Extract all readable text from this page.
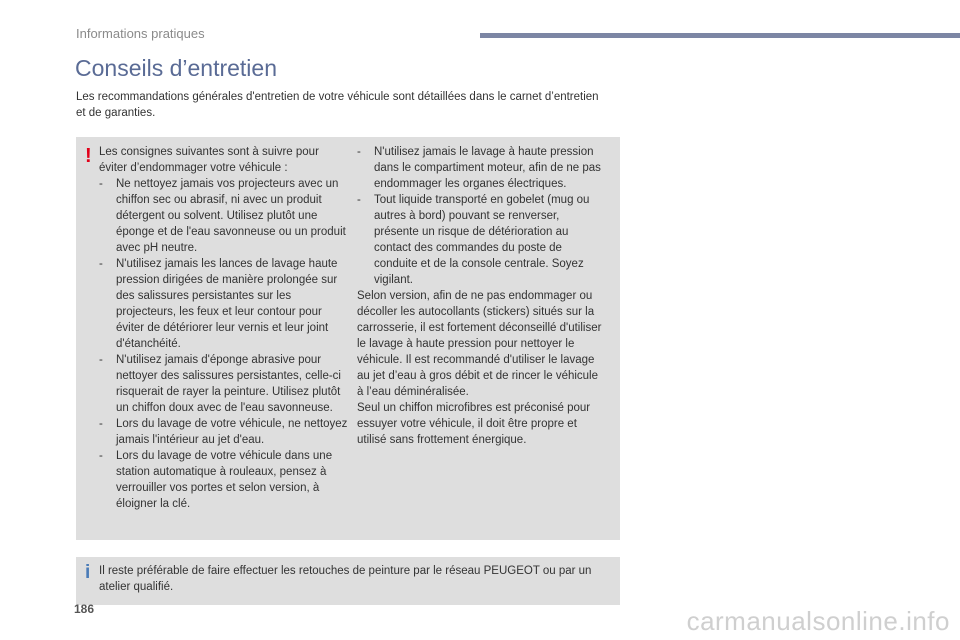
Informations pratiques
Conseils d’entretien
Les recommandations générales d'entretien de votre véhicule sont détaillées dans le carnet d’entretien et de garanties.
! Les consignes suivantes sont à suivre pour éviter d’endommager votre véhicule :

- Ne nettoyez jamais vos projecteurs avec un chiffon sec ou abrasif, ni avec un produit détergent ou solvent. Utilisez plutôt une éponge et de l'eau savonneuse ou un produit avec pH neutre.
- N'utilisez jamais les lances de lavage haute pression dirigées de manière prolongée sur des salissures persistantes sur les projecteurs, les feux et leur contour pour éviter de détériorer leur vernis et leur joint d'étanchéité.
- N'utilisez jamais d'éponge abrasive pour nettoyer des salissures persistantes, celle-ci risquerait de rayer la peinture. Utilisez plutôt un chiffon doux avec de l'eau savonneuse.
- Lors du lavage de votre véhicule, ne nettoyez jamais l'intérieur au jet d'eau.
- Lors du lavage de votre véhicule dans une station automatique à rouleaux, pensez à verrouiller vos portes et selon version, à éloigner la clé.
- N'utilisez jamais le lavage à haute pression dans le compartiment moteur, afin de ne pas endommager les organes électriques.
- Tout liquide transporté en gobelet (mug ou autres à bord) pouvant se renverser, présente un risque de détérioration au contact des commandes du poste de conduite et de la console centrale. Soyez vigilant.

Selon version, afin de ne pas endommager ou décoller les autocollants (stickers) situés sur la carrosserie, il est fortement déconseillé d'utiliser le lavage à haute pression pour nettoyer le véhicule. Il est recommandé d'utiliser le lavage au jet d’eau à gros débit et de rincer le véhicule à l’eau déminéralisée.

Seul un chiffon microfibres est préconisé pour essuyer votre véhicule, il doit être propre et utilisé sans frottement énergique.

i Il reste préférable de faire effectuer les retouches de peinture par le réseau PEUGEOT ou par un atelier qualifié.
186	carmanualsonline.info
